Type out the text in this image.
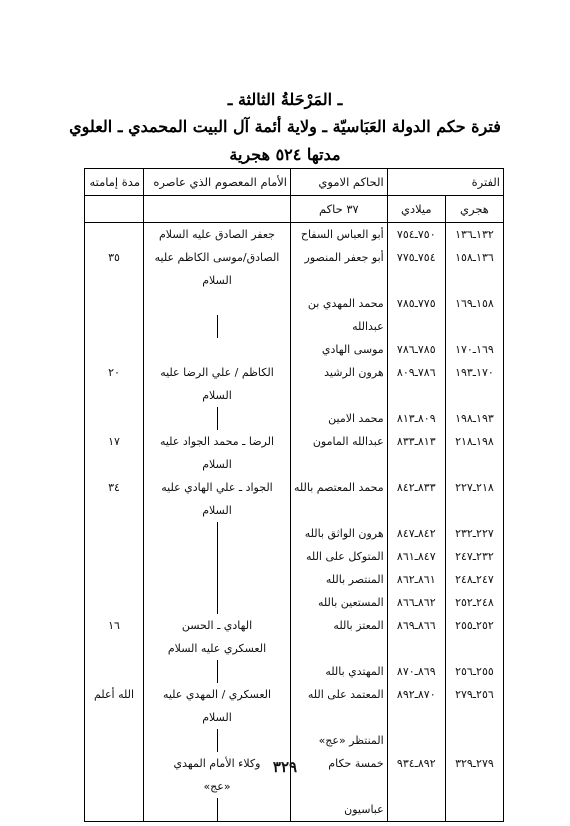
ـ المَرْحَلةُ الثالثة ـ
فترة حكم الدولة العَبَاسيّة ـ ولاية أئمة آل البيت المحمدي ـ العلوي
مدتها ٥٢٤ هجرية
الفترة		الحاكم الاموي	الأمام المعصوم الذي عاصره	مدة إمامته
هجري	ميلادي	٣٧ حاكم		
١٣٢ـ١٣٦	٧٥٠ـ٧٥٤	أبو العباس السفاح	جعفر الصادق عليه السلام	

١٣٦ـ١٥٨	٧٥٤ـ٧٧٥	أبو جعفر المنصور	الصادق/موسى الكاظم عليه السلام	٣٥
١٥٨ـ١٦٩	٧٧٥ـ٧٨٥	محمد المهدي بن		
		عبدالله	

١٦٩ـ١٧٠	٧٨٥ـ٧٨٦	موسى الهادي		
١٧٠ـ١٩٣	٧٨٦ـ٨٠٩	هرون الرشيد	الكاظم / علي الرضا عليه السلام	٢٠
١٩٣ـ١٩٨	٨٠٩ـ٨١٣	محمد الامين	

١٩٨ـ٢١٨	٨١٣ـ٨٣٣	عبدالله المامون	الرضا ـ محمد الجواد عليه السلام	١٧
٢١٨ـ٢٢٧	٨٣٣ـ٨٤٢	محمد المعتصم بالله	الجواد ـ علي الهادي عليه السلام	٣٤
٢٢٧ـ٢٣٢	٨٤٢ـ٨٤٧	هرون الواثق بالله	

٢٣٢ـ٢٤٧	٨٤٧ـ٨٦١	المتوكل على الله	

٢٤٧ـ٢٤٨	٨٦١ـ٨٦٢	المنتصر بالله	

٢٤٨ـ٢٥٢	٨٦٢ـ٨٦٦	المستعين بالله	

٢٥٢ـ٢٥٥	٨٦٦ـ٨٦٩	المعتز بالله	الهادي ـ الحسن
العسكري عليه السلام	١٦
٢٥٥ـ٢٥٦	٨٦٩ـ٨٧٠	المهتدي بالله	

٢٥٦ـ٢٧٩	٨٧٠ـ٨٩٢	المعتمد على الله	العسكري / المهدي عليه السلام	الله أعلم
		المنتظر «عج»	

٢٧٩ـ٣٢٩	٨٩٢ـ٩٣٤	خمسة حكام	وكلاء الأمام المهدي
«عج»	

		عباسيون	

٣٢٩
